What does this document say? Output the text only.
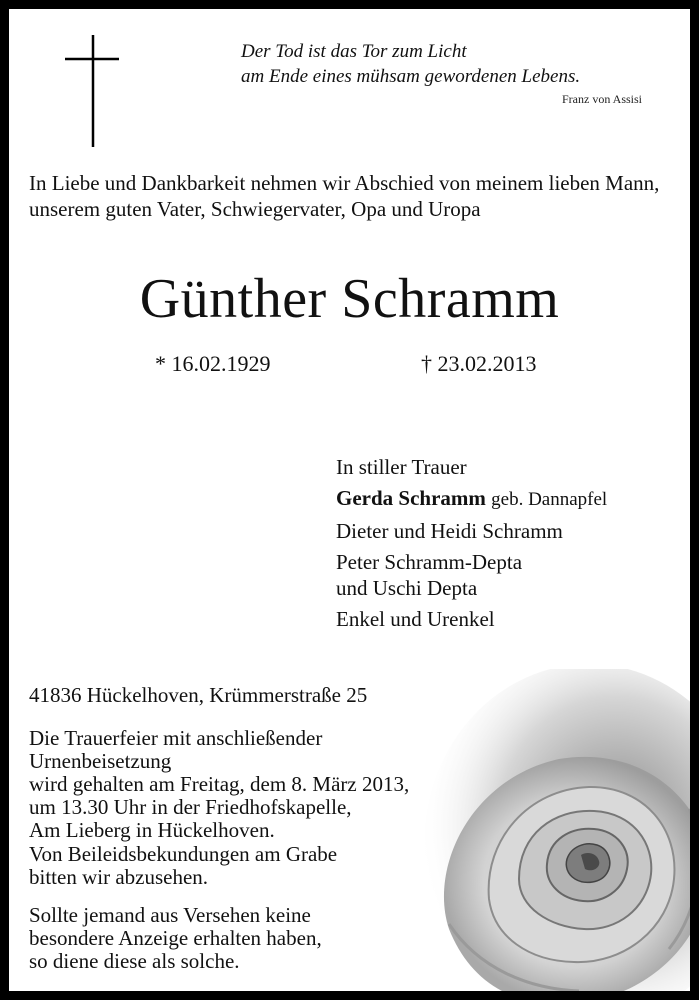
Der Tod ist das Tor zum Licht
am Ende eines mühsam gewordenen Lebens.
Franz von Assisi
In Liebe und Dankbarkeit nehmen wir Abschied von meinem lieben Mann, unserem guten Vater, Schwiegervater, Opa und Uropa
Günther Schramm
* 16.02.1929	† 23.02.2013
In stiller Trauer
Gerda Schramm geb. Dannapfel
Dieter und Heidi Schramm
Peter Schramm-Depta
und Uschi Depta
Enkel und Urenkel
41836 Hückelhoven, Krümmerstraße 25
Die Trauerfeier mit anschließender Urnenbeisetzung
wird gehalten am Freitag, dem 8. März 2013,
um 13.30 Uhr in der Friedhofskapelle,
Am Lieberg in Hückelhoven.
Von Beileidsbekundungen am Grabe
bitten wir abzusehen.
Sollte jemand aus Versehen keine
besondere Anzeige erhalten haben,
so diene diese als solche.
